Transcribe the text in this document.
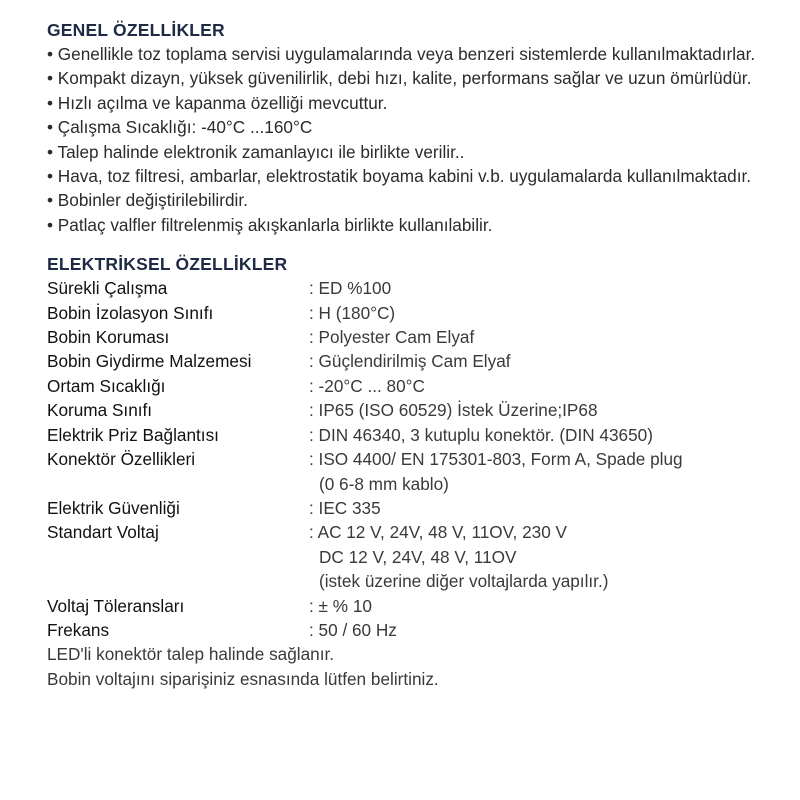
GENEL ÖZELLİKLER
• Genellikle toz toplama servisi uygulamalarında veya benzeri sistemlerde kullanılmaktadırlar.
• Kompakt dizayn, yüksek güvenilirlik, debi hızı, kalite, performans sağlar ve uzun ömürlüdür.
• Hızlı açılma ve kapanma özelliği mevcuttur.
• Çalışma Sıcaklığı: -40°C ...160°C
• Talep halinde elektronik zamanlayıcı ile birlikte verilir..
• Hava, toz filtresi, ambarlar, elektrostatik boyama kabini v.b. uygulamalarda kullanılmaktadır.
• Bobinler değiştirilebilirdir.
• Patlaç valfler filtrelenmiş akışkanlarla birlikte kullanılabilir.
ELEKTRİKSEL ÖZELLİKLER
Sürekli Çalışma	: ED %100
Bobin İzolasyon Sınıfı	: H (180°C)
Bobin Koruması	: Polyester Cam Elyaf
Bobin Giydirme Malzemesi	: Güçlendirilmiş Cam Elyaf
Ortam Sıcaklığı	: -20°C ... 80°C
Koruma Sınıfı	: IP65 (ISO 60529) İstek Üzerine;IP68
Elektrik Priz Bağlantısı	: DIN 46340, 3 kutuplu konektör. (DIN 43650)
Konektör Özellikleri	: ISO 4400/ EN 175301-803, Form A, Spade plug
(0 6-8 mm kablo)

Elektrik Güvenliği	: IEC 335
Standart Voltaj	: AC 12 V, 24V, 48 V, 11OV, 230 V
DC 12 V, 24V, 48 V, 11OV
(istek üzerine diğer voltajlarda yapılır.)

Voltaj Töleransları	: ± % 10
Frekans	: 50 / 60 Hz
LED'li konektör talep halinde sağlanır.
Bobin voltajını siparişiniz esnasında lütfen belirtiniz.
